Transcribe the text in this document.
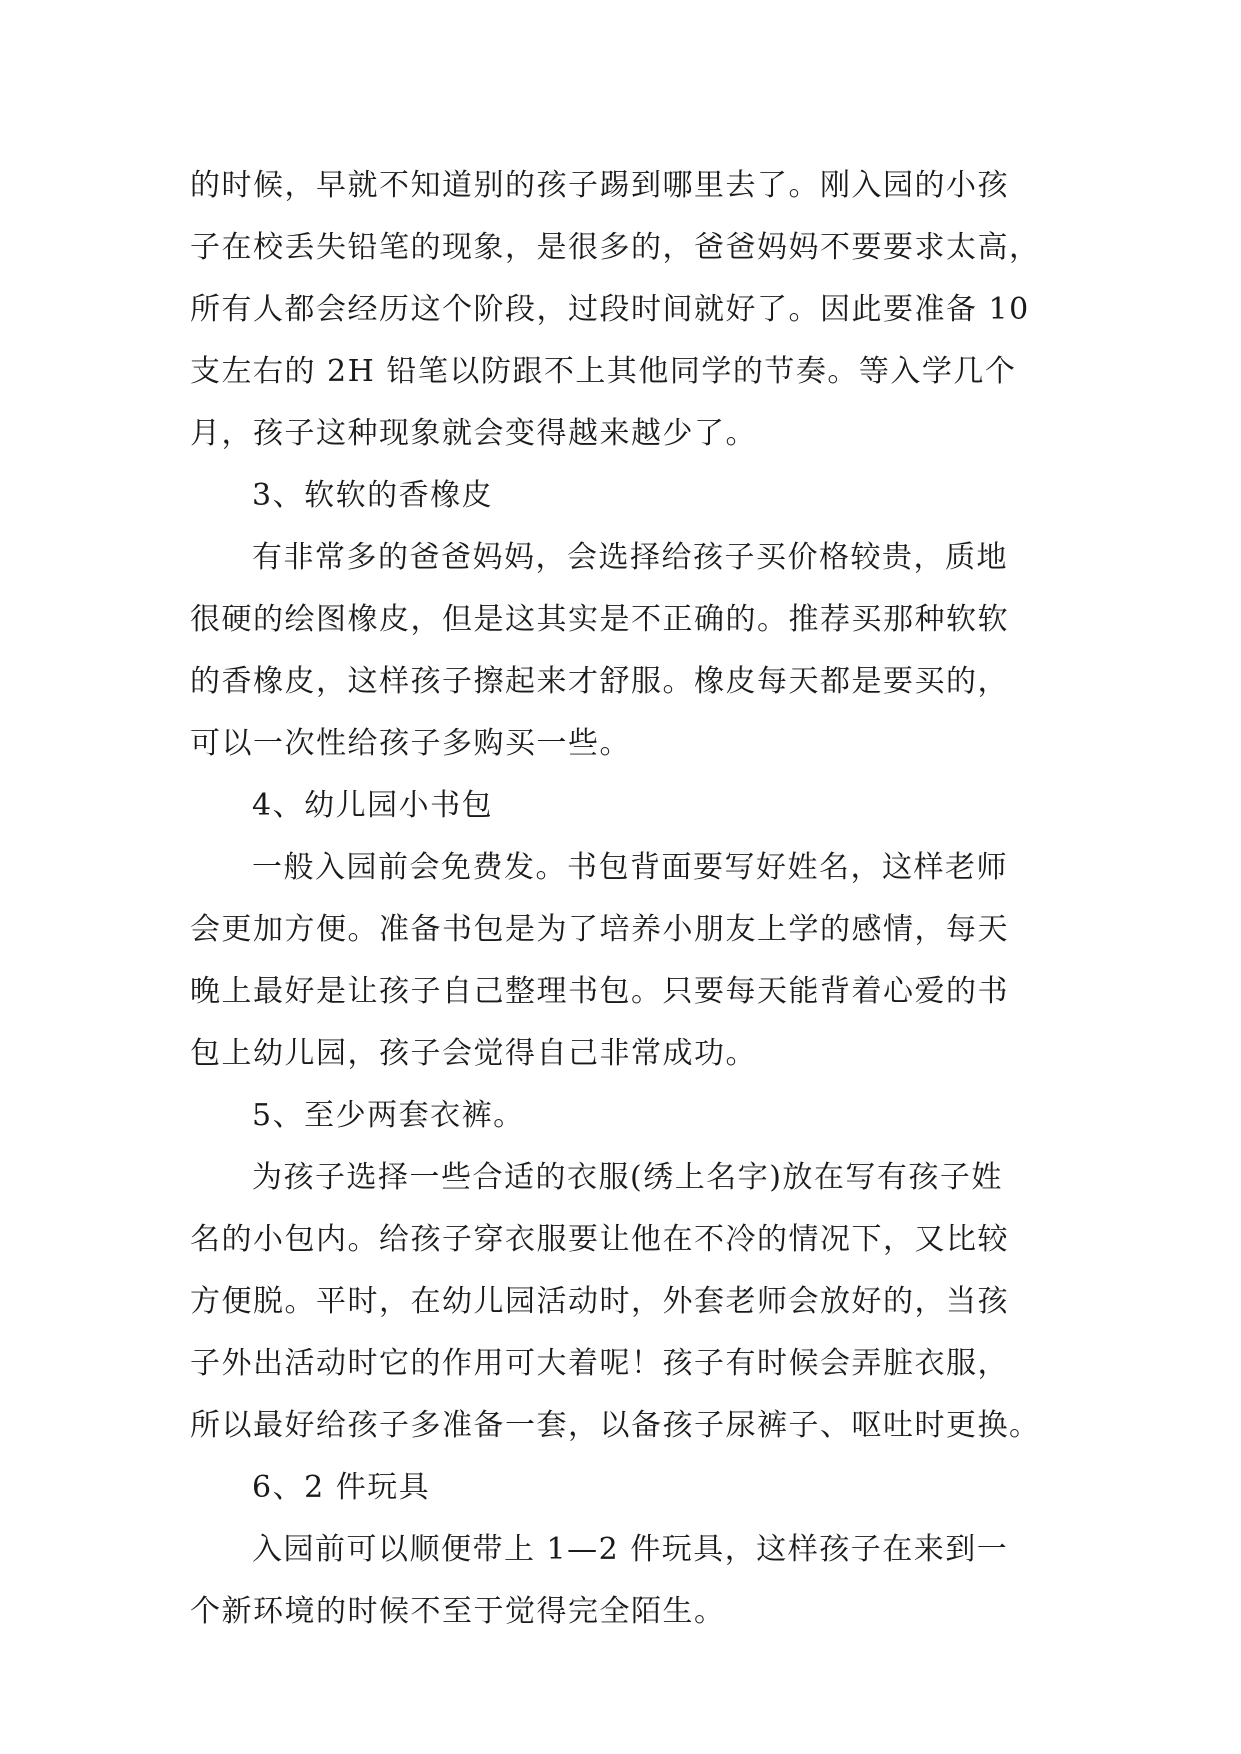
的时候，早就不知道别的孩子踢到哪里去了。刚入园的小孩
子在校丢失铅笔的现象，是很多的，爸爸妈妈不要要求太高，
所有人都会经历这个阶段，过段时间就好了。因此要准备 10
支左右的 2H 铅笔以防跟不上其他同学的节奏。等入学几个
月，孩子这种现象就会变得越来越少了。
3、软软的香橡皮
有非常多的爸爸妈妈，会选择给孩子买价格较贵，质地
很硬的绘图橡皮，但是这其实是不正确的。推荐买那种软软
的香橡皮，这样孩子擦起来才舒服。橡皮每天都是要买的，
可以一次性给孩子多购买一些。
4、幼儿园小书包
一般入园前会免费发。书包背面要写好姓名，这样老师
会更加方便。准备书包是为了培养小朋友上学的感情，每天
晚上最好是让孩子自己整理书包。只要每天能背着心爱的书
包上幼儿园，孩子会觉得自己非常成功。
5、至少两套衣裤。
为孩子选择一些合适的衣服(绣上名字)放在写有孩子姓
名的小包内。给孩子穿衣服要让他在不冷的情况下，又比较
方便脱。平时，在幼儿园活动时，外套老师会放好的，当孩
子外出活动时它的作用可大着呢！孩子有时候会弄脏衣服，
所以最好给孩子多准备一套，以备孩子尿裤子、呕吐时更换。
6、2 件玩具
入园前可以顺便带上 1—2 件玩具，这样孩子在来到一
个新环境的时候不至于觉得完全陌生。
